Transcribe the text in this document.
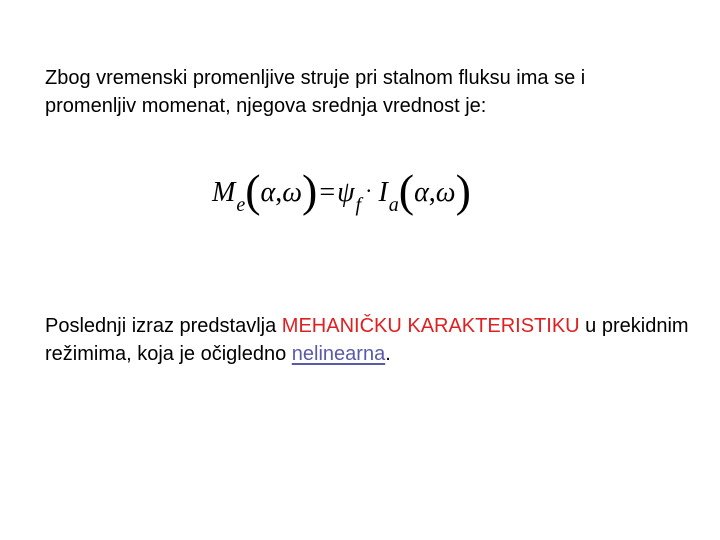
Zbog vremenski promenljive struje pri stalnom fluksu ima se i promenljiv momenat, njegova srednja vrednost je:

M e ( α , ω ) = ψ f
· I a ( α , ω )

Poslednji izraz predstavlja MEHANIČKU KARAKTERISTIKU u prekidnim režimima, koja je očigledno nelinearna.
